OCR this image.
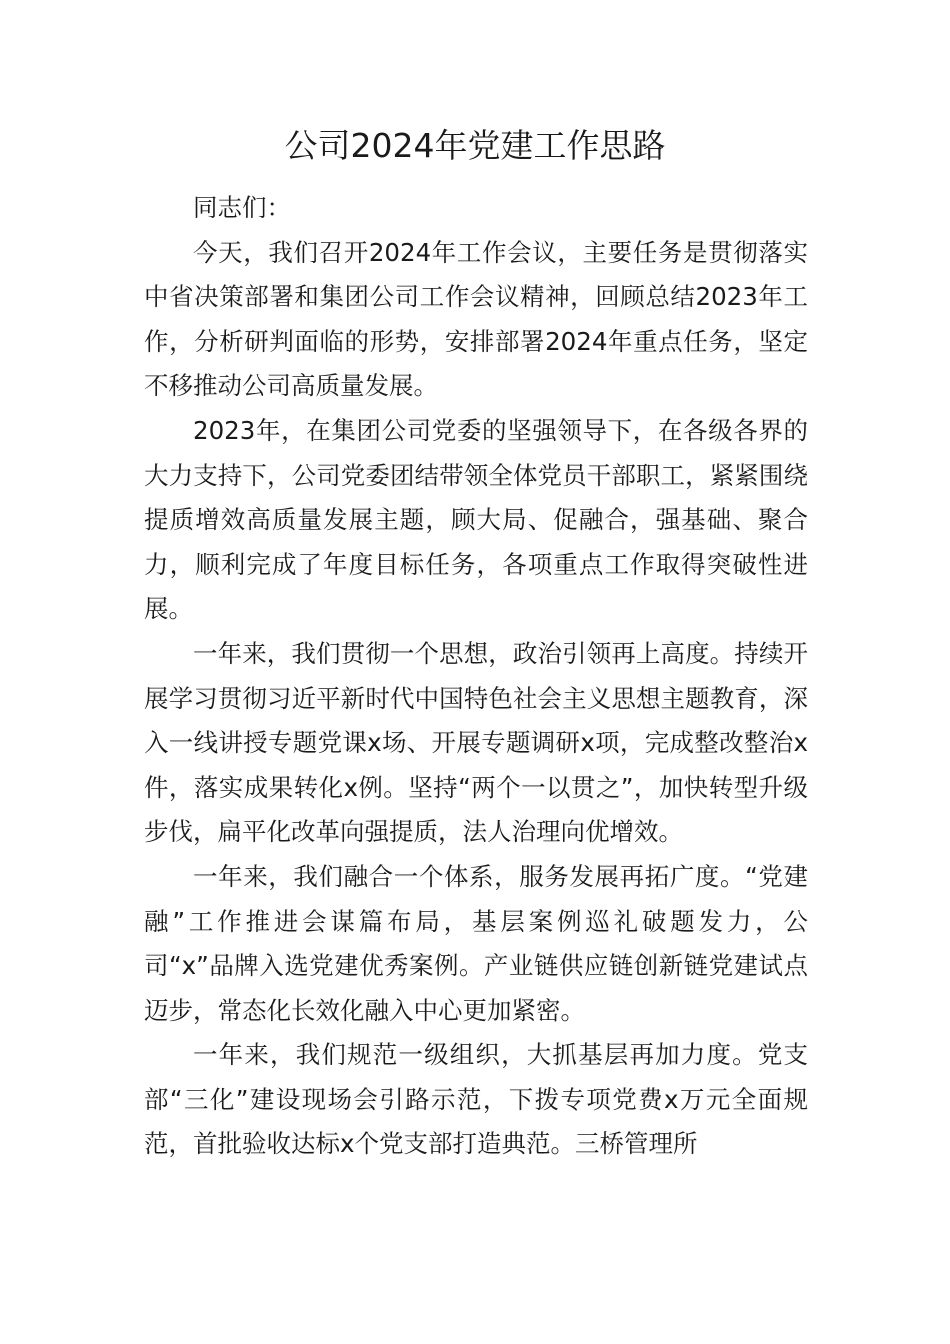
公司2024年党建工作思路

同志们：

今天，我们召开2024年工作会议，主要任务是贯彻落实中省决策部署和集团公司工作会议精神，回顾总结2023年工作，分析研判面临的形势，安排部署2024年重点任务，坚定不移推动公司高质量发展。

2023年，在集团公司党委的坚强领导下，在各级各界的大力支持下，公司党委团结带领全体党员干部职工，紧紧围绕提质增效高质量发展主题，顾大局、促融合，强基础、聚合力，顺利完成了年度目标任务，各项重点工作取得突破性进展。

一年来，我们贯彻一个思想，政治引领再上高度。持续开展学习贯彻习近平新时代中国特色社会主义思想主题教育，深入一线讲授专题党课x场、开展专题调研x项，完成整改整治x件，落实成果转化x例。坚持“两个一以贯之”，加快转型升级步伐，扁平化改革向强提质，法人治理向优增效。

一年来，我们融合一个体系，服务发展再拓广度。“党建融”工作推进会谋篇布局，基层案例巡礼破题发力，公司“x”品牌入选党建优秀案例。产业链供应链创新链党建试点迈步，常态化长效化融入中心更加紧密。

一年来，我们规范一级组织，大抓基层再加力度。党支部“三化”建设现场会引路示范，下拨专项党费x万元全面规范，首批验收达标x个党支部打造典范。三桥管理所
